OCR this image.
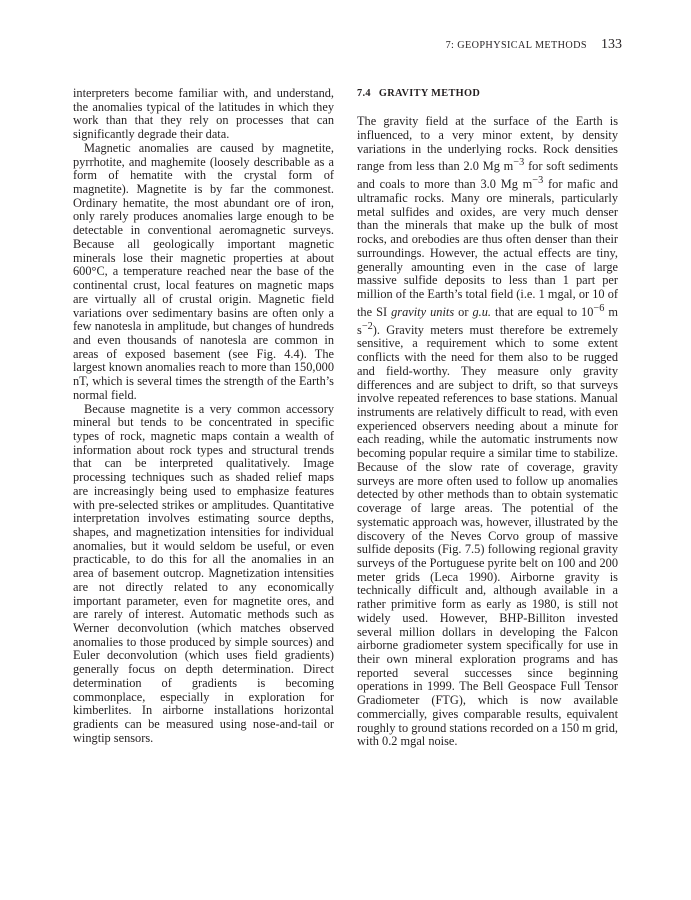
7: GEOPHYSICAL METHODS 133

interpreters become familiar with, and understand, the anomalies typical of the latitudes in which they work than that they rely on processes that can significantly degrade their data.

Magnetic anomalies are caused by magnetite, pyrrhotite, and maghemite (loosely describable as a form of hematite with the crystal form of magnetite). Magnetite is by far the commonest. Ordinary hematite, the most abundant ore of iron, only rarely produces anomalies large enough to be detectable in conventional aeromagnetic surveys. Because all geologically important magnetic minerals lose their magnetic properties at about 600°C, a temperature reached near the base of the continental crust, local features on magnetic maps are virtually all of crustal origin. Magnetic field variations over sedimentary basins are often only a few nanotesla in amplitude, but changes of hundreds and even thousands of nanotesla are common in areas of exposed basement (see Fig. 4.4). The largest known anomalies reach to more than 150,000 nT, which is several times the strength of the Earth’s normal field.

Because magnetite is a very common accessory mineral but tends to be concentrated in specific types of rock, magnetic maps contain a wealth of information about rock types and structural trends that can be interpreted qualitatively. Image processing techniques such as shaded relief maps are increasingly being used to emphasize features with pre-selected strikes or amplitudes. Quantitative interpretation involves estimating source depths, shapes, and magnetization intensities for individual anomalies, but it would seldom be useful, or even practicable, to do this for all the anomalies in an area of basement outcrop. Magnetization intensities are not directly related to any economically important parameter, even for magnetite ores, and are rarely of interest. Automatic methods such as Werner deconvolution (which matches observed anomalies to those produced by simple sources) and Euler deconvolution (which uses field gradients) generally focus on depth determination. Direct determination of gradients is becoming commonplace, especially in exploration for kimberlites. In airborne installations horizontal gradients can be measured using nose-and-tail or wingtip sensors.

7.4 GRAVITY METHOD

The gravity field at the surface of the Earth is influenced, to a very minor extent, by density variations in the underlying rocks. Rock densities range from less than 2.0 Mg $m^{-3}$ for soft sediments and coals to more than 3.0 Mg $m^{-3}$ for mafic and ultramafic rocks. Many ore minerals, particularly metal sulfides and oxides, are very much denser than the minerals that make up the bulk of most rocks, and orebodies are thus often denser than their surroundings. However, the actual effects are tiny, generally amounting even in the case of large massive sulfide deposits to less than 1 part per million of the Earth’s total field (i.e. 1 mgal, or 10 of the SI gravity units or g.u. that are equal to $10^{-6}$ m $s^{-2}$). Gravity meters must therefore be extremely sensitive, a requirement which to some extent conflicts with the need for them also to be rugged and field-worthy. They measure only gravity differences and are subject to drift, so that surveys involve repeated references to base stations. Manual instruments are relatively difficult to read, with even experienced observers needing about a minute for each reading, while the automatic instruments now becoming popular require a similar time to stabilize. Because of the slow rate of coverage, gravity surveys are more often used to follow up anomalies detected by other methods than to obtain systematic coverage of large areas. The potential of the systematic approach was, however, illustrated by the discovery of the Neves Corvo group of massive sulfide deposits (Fig. 7.5) following regional gravity surveys of the Portuguese pyrite belt on 100 and 200 meter grids (Leca 1990). Airborne gravity is technically difficult and, although available in a rather primitive form as early as 1980, is still not widely used. However, BHP-Billiton invested several million dollars in developing the Falcon airborne gradiometer system specifically for use in their own mineral exploration programs and has reported several successes since beginning operations in 1999. The Bell Geospace Full Tensor Gradiometer (FTG), which is now available commercially, gives comparable results, equivalent roughly to ground stations recorded on a 150 m grid, with 0.2 mgal noise.
